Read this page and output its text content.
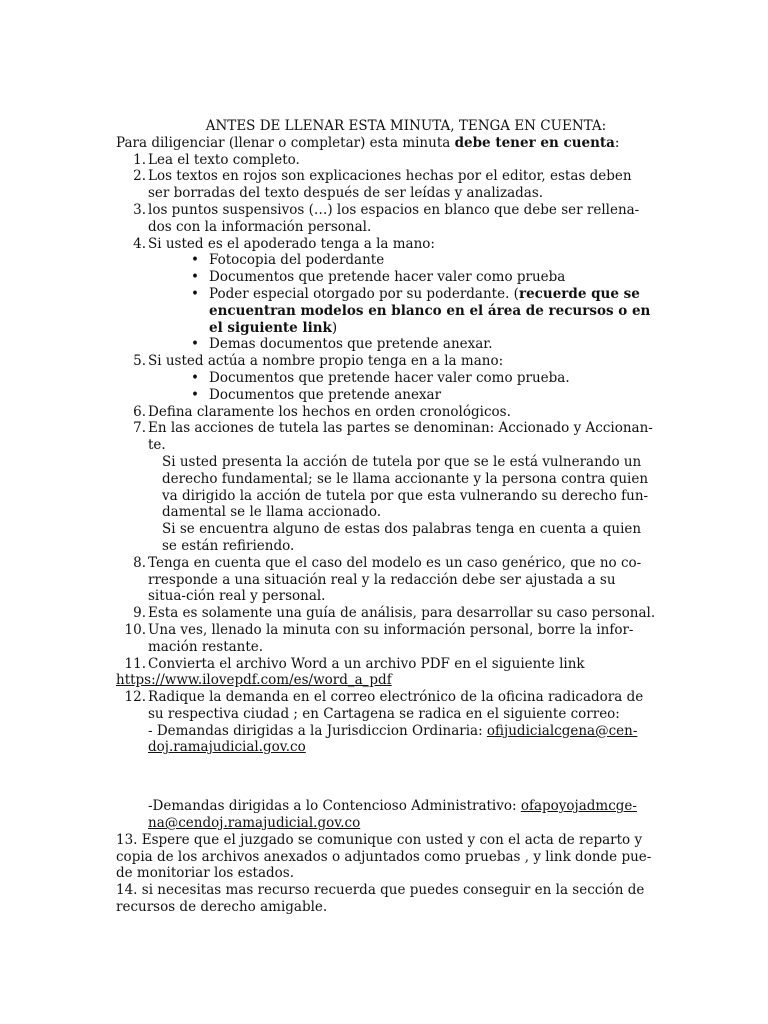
ANTES DE LLENAR ESTA MINUTA, TENGA EN CUENTA:

Para diligenciar (llenar o completar) esta minuta debe tener en cuenta:

1. Lea el texto completo.
2. Los textos en rojos son explicaciones hechas por el editor, estas deben ser borradas del texto después de ser leídas y analizadas.
3. los puntos suspensivos (…) los espacios en blanco que debe ser rellena-dos con la información personal.
4. Si usted es el apoderado tenga a la mano:
• Fotocopia del poderdante
• Documentos que pretende hacer valer como prueba
• Poder especial otorgado por su poderdante. (recuerde que se encuentran modelos en blanco en el área de recursos o en el siguiente link)
• Demas documentos que pretende anexar.
5. Si usted actúa a nombre propio tenga en a la mano:
• Documentos que pretende hacer valer como prueba.
• Documentos que pretende anexar
6. Defina claramente los hechos en orden cronológicos.
7. En las acciones de tutela las partes se denominan: Accionado y Accionan-te.

Si usted presenta la acción de tutela por que se le está vulnerando un derecho fundamental; se le llama accionante y la persona contra quien va dirigido la acción de tutela por que esta vulnerando su derecho fun-damental se le llama accionado.

Si se encuentra alguno de estas dos palabras tenga en cuenta a quien se están refiriendo.

8. Tenga en cuenta que el caso del modelo es un caso genérico, que no co-rresponde a una situación real y la redacción debe ser ajustada a su situa-ción real y personal.
9. Esta es solamente una guía de análisis, para desarrollar su caso personal.
10. Una ves, llenado la minuta con su información personal, borre la infor-mación restante.
11. Convierta el archivo Word a un archivo PDF en el siguiente link

https://www.ilovepdf.com/es/word_a_pdf

12. Radique la demanda en el correo electrónico de la oficina radicadora de su respectiva ciudad ; en Cartagena se radica en el siguiente correo:

- Demandas dirigidas a la Jurisdiccion Ordinaria: ofijudicialcgena@cen-doj.ramajudicial.gov.co

-Demandas dirigidas a lo Contencioso Administrativo: ofapoyojadmcge-na@cendoj.ramajudicial.gov.co

13. Espere que el juzgado se comunique con usted y con el acta de reparto y copia de los archivos anexados o adjuntados como pruebas , y link donde pue-de monitoriar los estados.

14. si necesitas mas recurso recuerda que puedes conseguir en la sección de recursos de derecho amigable.
